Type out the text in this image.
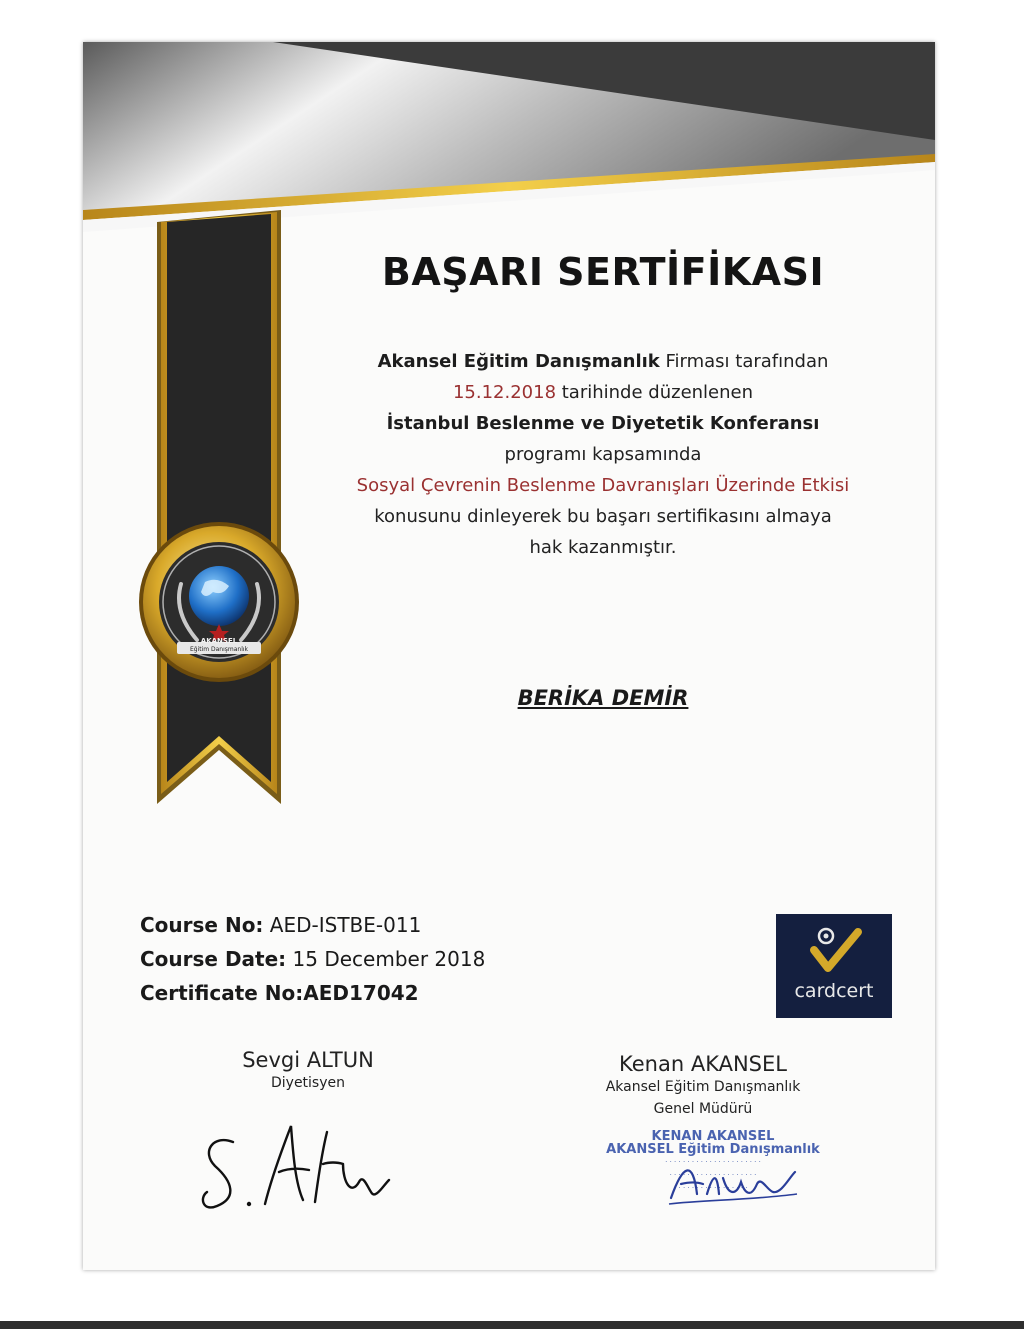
AKANSEL
Eğitim Danışmanlık
BAŞARI SERTİFİKASI
Akansel Eğitim Danışmanlık Firması tarafından
15.12.2018 tarihinde düzenlenen
İstanbul Beslenme ve Diyetetik Konferansı
programı kapsamında
Sosyal Çevrenin Beslenme Davranışları Üzerinde Etkisi
konusunu dinleyerek bu başarı sertifikasını almaya
hak kazanmıştır.
BERİKA DEMİR
Course No: AED-ISTBE-011
Course Date: 15 December 2018
Certificate No:AED17042	cardcert
Sevgi ALTUN
Diyetisyen
Kenan AKANSEL
Akansel Eğitim Danışmanlık
Genel Müdürü
KENAN AKANSEL
AKANSEL Eğitim Danışmanlık
· · · · · · · · · · · · · · · · · · · · · ·
· · · · · · · · · · · · · · · · · · · ·
· · · · · · · · · · · · · · · ·
